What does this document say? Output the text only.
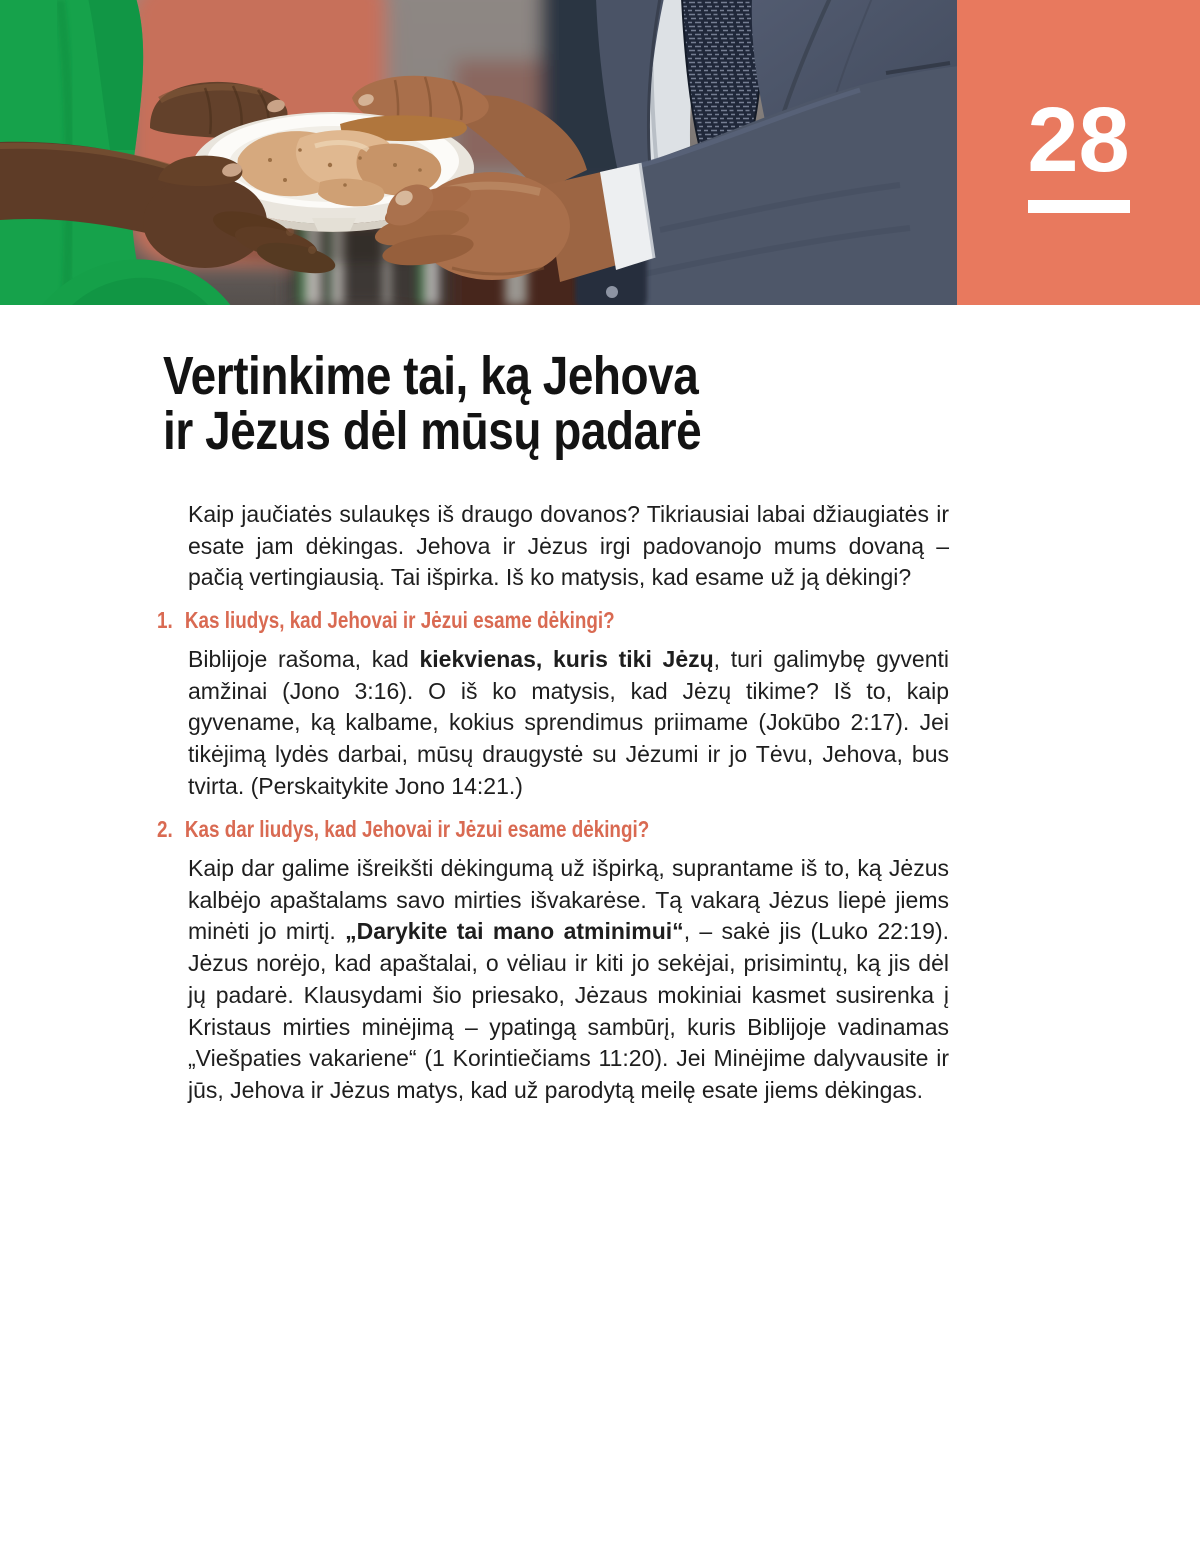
28
Vertinkime tai, ką Jehova
ir Jėzus dėl mūsų padarė

Kaip jaučiatės sulaukęs iš draugo dovanos? Tikriausiai labai džiaugiatės ir esate jam dėkingas. Jehova ir Jėzus irgi padovanojo mums dovaną – pačią vertingiausią. Tai išpirka. Iš ko matysis, kad esame už ją dėkingi?

1. Kas liudys, kad Jehovai ir Jėzui esame dėkingi?

Biblijoje rašoma, kad kiekvienas, kuris tiki Jėzų, turi galimybę gyventi amžinai (Jono 3:16). O iš ko matysis, kad Jėzų tikime? Iš to, kaip gyvename, ką kalbame, kokius sprendimus priimame (Jokūbo 2:17). Jei tikėjimą lydės darbai, mūsų draugystė su Jėzumi ir jo Tėvu, Jehova, bus tvirta. (Perskaitykite Jono 14:21.)

2. Kas dar liudys, kad Jehovai ir Jėzui esame dėkingi?

Kaip dar galime išreikšti dėkingumą už išpirką, suprantame iš to, ką Jėzus kalbėjo apaštalams savo mirties išvakarėse. Tą vakarą Jėzus liepė jiems minėti jo mirtį. „Darykite tai mano atminimui“, – sakė jis (Luko 22:19). Jėzus norėjo, kad apaštalai, o vėliau ir kiti jo sekėjai, prisimintų, ką jis dėl jų padarė. Klausydami šio priesako, Jėzaus mokiniai kasmet susirenka į Kristaus mirties minėjimą – ypatingą sambūrį, kuris Biblijoje vadinamas „Viešpaties vakariene“ (1 Korintiečiams 11:20). Jei Minėjime dalyvausite ir jūs, Jehova ir Jėzus matys, kad už parodytą meilę esate jiems dėkingas.
